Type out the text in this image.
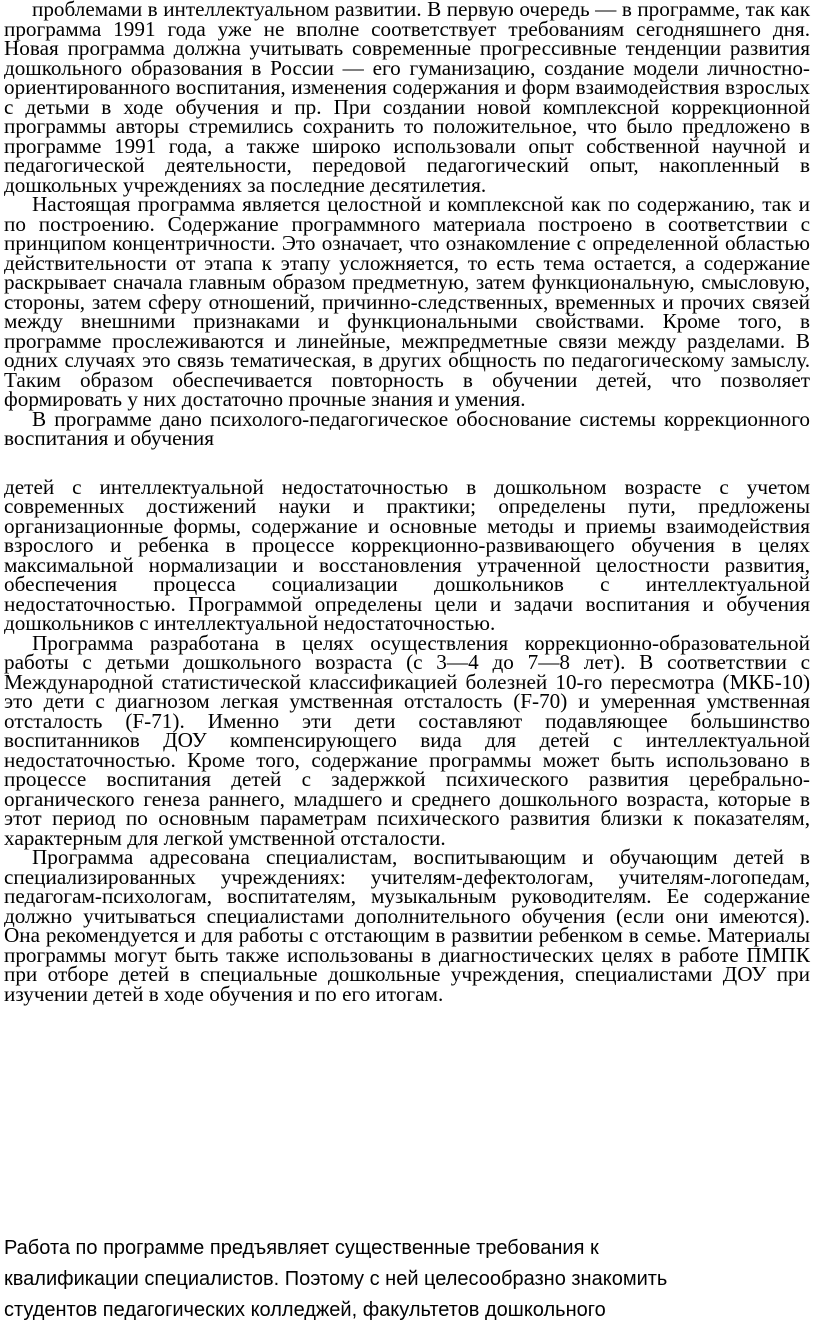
проблемами в интеллектуальном развитии. В первую очередь — в программе, так как программа 1991 года уже не вполне соответствует требованиям сегодняшнего дня. Новая программа должна учитывать современные прогрессивные тенденции развития дошкольного образования в России — его гуманизацию, создание модели личностно-ориентированного воспитания, изменения содержания и форм взаимодействия взрослых с детьми в ходе обучения и пр. При создании новой комплексной коррекционной программы авторы стремились сохранить то положительное, что было предложено в программе 1991 года, а также широко использовали опыт собственной научной и педагогической деятельности, передовой педагогический опыт, накопленный в дошкольных учреждениях за последние десятилетия.

Настоящая программа является целостной и комплексной как по содержанию, так и по построению. Содержание программного материала построено в соответствии с принципом концентричности. Это означает, что ознакомление с определенной областью действительности от этапа к этапу усложняется, то есть тема остается, а содержание раскрывает сначала главным образом предметную, затем функциональную, смысловую, стороны, затем сферу отношений, причинно-следственных, временных и прочих связей между внешними признаками и функциональными свойствами. Кроме того, в программе прослеживаются и линейные, межпредметные связи между разделами. В одних случаях это связь тематическая, в других общность по педагогическому замыслу. Таким образом обеспечивается повторность в обучении детей, что позволяет формировать у них достаточно прочные знания и умения.

В программе дано психолого-педагогическое обоснование системы коррекционного воспитания и обучения

детей с интеллектуальной недостаточностью в дошкольном возрасте с учетом современных достижений науки и практики; определены пути, предложены организационные формы, содержание и основные методы и приемы взаимодействия взрослого и ребенка в процессе коррекционно-развивающего обучения в целях максимальной нормализации и восстановления утраченной целостности развития, обеспечения процесса социализации дошкольников с интеллектуальной недостаточностью. Программой определены цели и задачи воспитания и обучения дошкольников с интеллектуальной недостаточностью.

Программа разработана в целях осуществления коррекционно-образовательной работы с детьми дошкольного возраста (с 3—4 до 7—8 лет). В соответствии с Международной статистической классификацией болезней 10-го пересмотра (МКБ-10) это дети с диагнозом легкая умственная отсталость (F-70) и умеренная умственная отсталость (F-71). Именно эти дети составляют подавляющее большинство воспитанников ДОУ компенсирующего вида для детей с интеллектуальной недостаточностью. Кроме того, содержание программы может быть использовано в процессе воспитания детей с задержкой психического развития церебрально-органического генеза раннего, младшего и среднего дошкольного возраста, которые в этот период по основным параметрам психического развития близки к показателям, характерным для легкой умственной отсталости.

Программа адресована специалистам, воспитывающим и обучающим детей в специализированных учреждениях: учителям-дефектологам, учителям-логопедам, педагогам-психологам, воспитателям, музыкальным руководителям. Ее содержание должно учитываться специалистами дополнительного обучения (если они имеются). Она рекомендуется и для работы с отстающим в развитии ребенком в семье. Материалы программы могут быть также использованы в диагностических целях в работе ПМПК при отборе детей в специальные дошкольные учреждения, специалистами ДОУ при изучении детей в ходе обучения и по его итогам.

Работа по программе предъявляет существенные требования к

квалификации специалистов. Поэтому с ней целесообразно знакомить

студентов педагогических колледжей, факультетов дошкольного
